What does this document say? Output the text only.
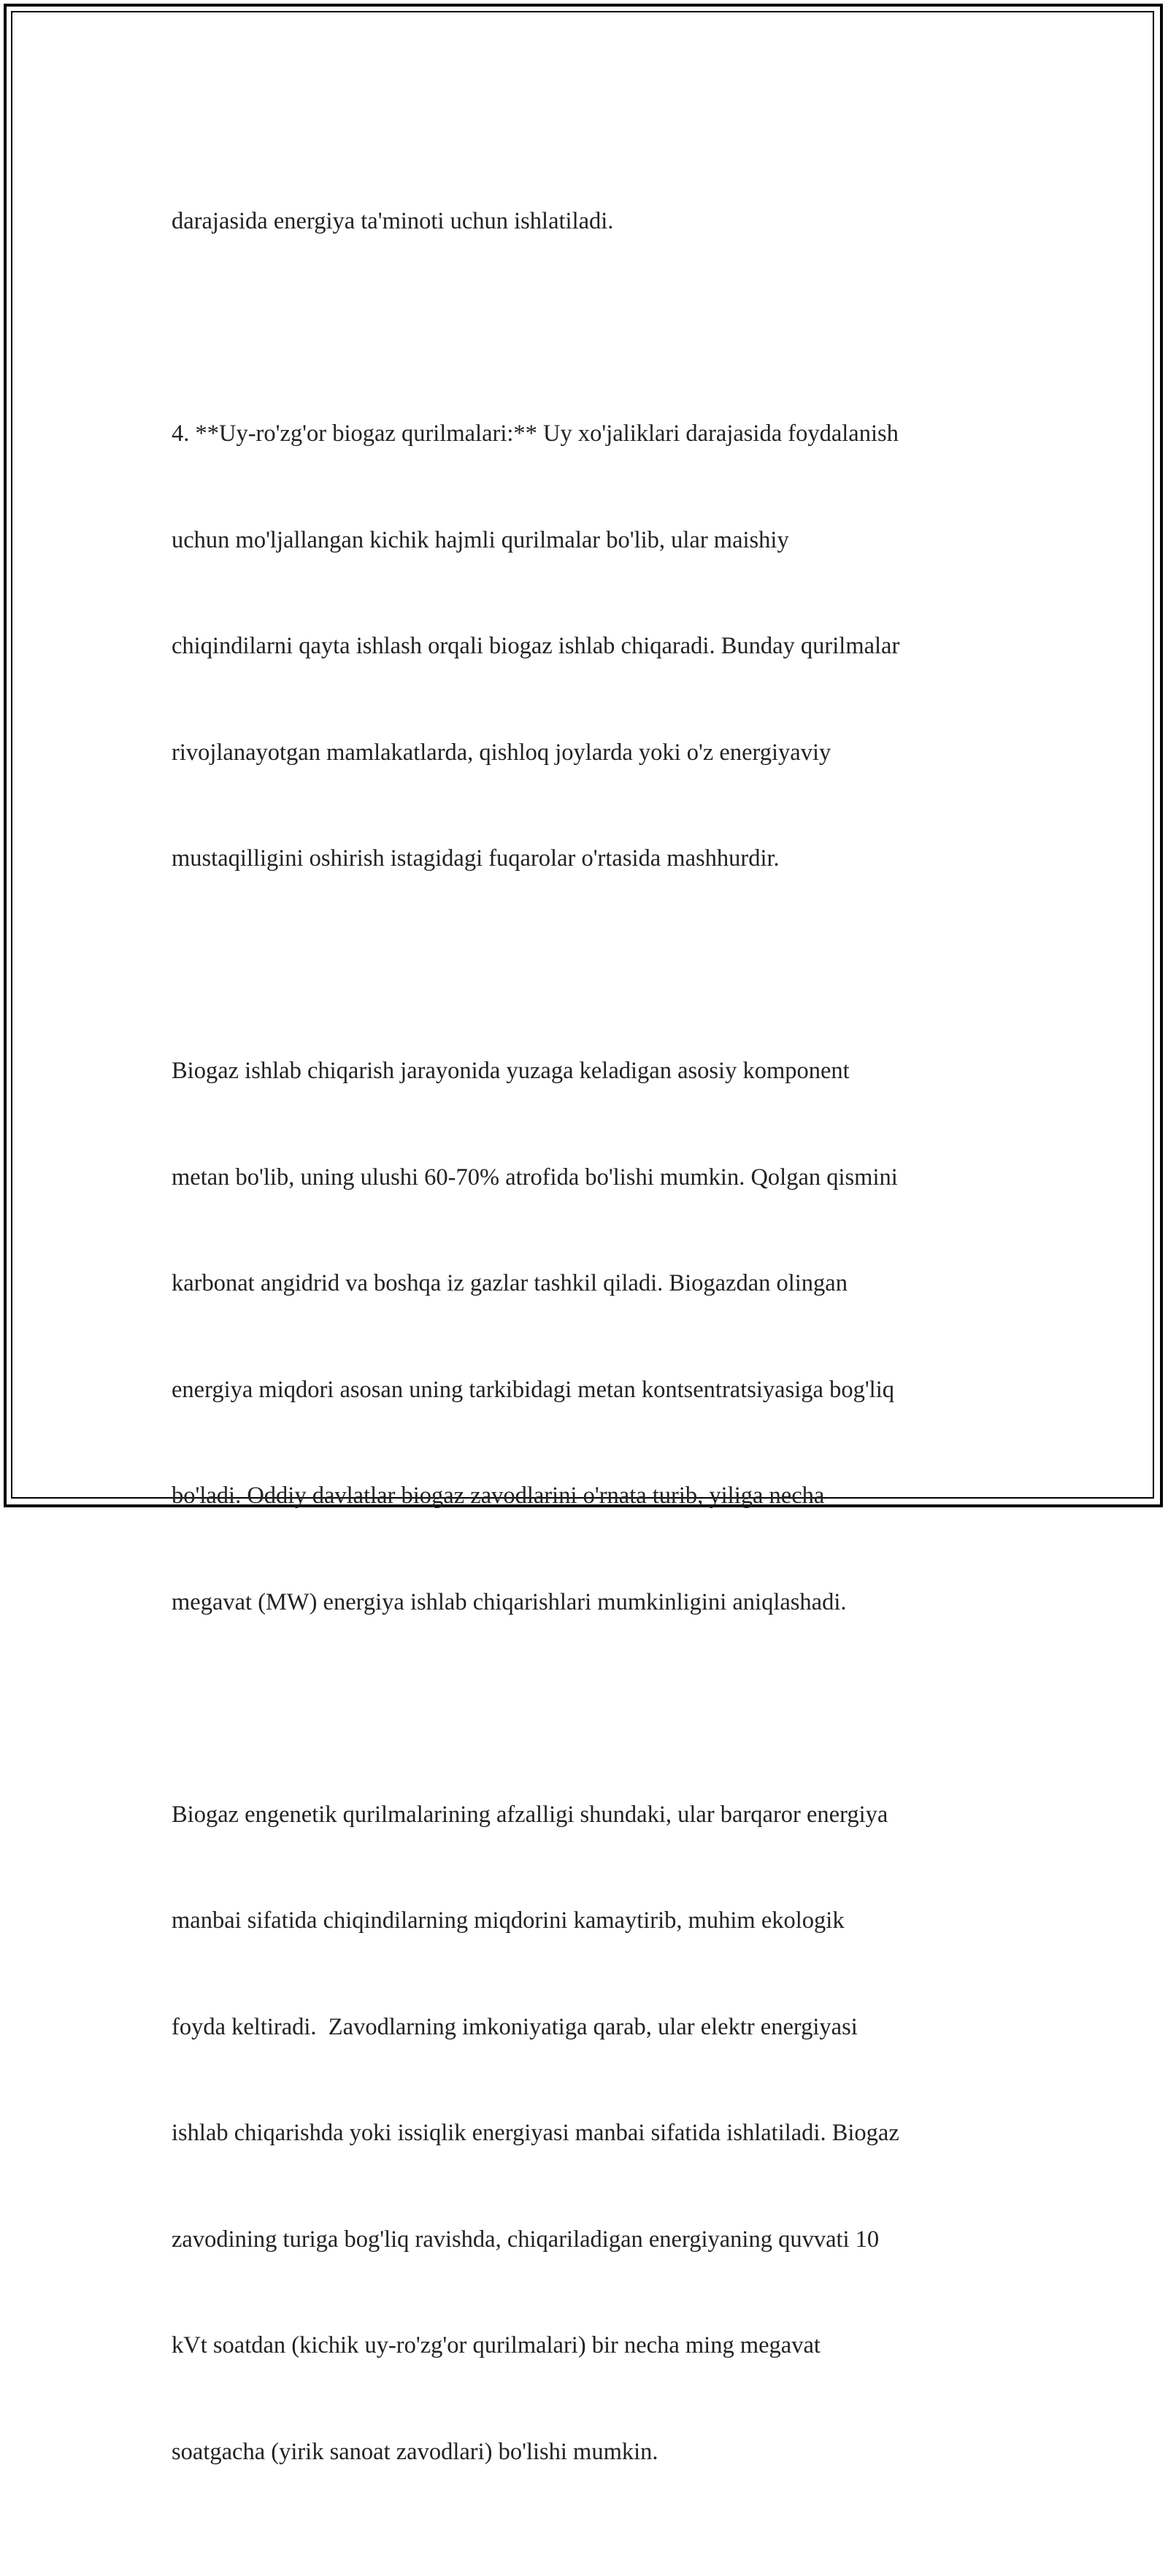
darajasida energiya ta'minoti uchun ishlatiladi.

4. **Uy-ro'zg'or biogaz qurilmalari:** Uy xo'jaliklari darajasida foydalanish

uchun mo'ljallangan kichik hajmli qurilmalar bo'lib, ular maishiy

chiqindilarni qayta ishlash orqali biogaz ishlab chiqaradi. Bunday qurilmalar

rivojlanayotgan mamlakatlarda, qishloq joylarda yoki o'z energiyaviy

mustaqilligini oshirish istagidagi fuqarolar o'rtasida mashhurdir.

Biogaz ishlab chiqarish jarayonida yuzaga keladigan asosiy komponent

metan bo'lib, uning ulushi 60-70% atrofida bo'lishi mumkin. Qolgan qismini

karbonat angidrid va boshqa iz gazlar tashkil qiladi. Biogazdan olingan

energiya miqdori asosan uning tarkibidagi metan kontsentratsiyasiga bog'liq

bo'ladi. Oddiy davlatlar biogaz zavodlarini o'rnata turib, yiliga necha

megavat (MW) energiya ishlab chiqarishlari mumkinligini aniqlashadi.

Biogaz engenetik qurilmalarining afzalligi shundaki, ular barqaror energiya

manbai sifatida chiqindilarning miqdorini kamaytirib, muhim ekologik

foyda keltiradi.  Zavodlarning imkoniyatiga qarab, ular elektr energiyasi

ishlab chiqarishda yoki issiqlik energiyasi manbai sifatida ishlatiladi. Biogaz

zavodining turiga bog'liq ravishda, chiqariladigan energiyaning quvvati 10

kVt soatdan (kichik uy-ro'zg'or qurilmalari) bir necha ming megavat

soatgacha (yirik sanoat zavodlari) bo'lishi mumkin.
